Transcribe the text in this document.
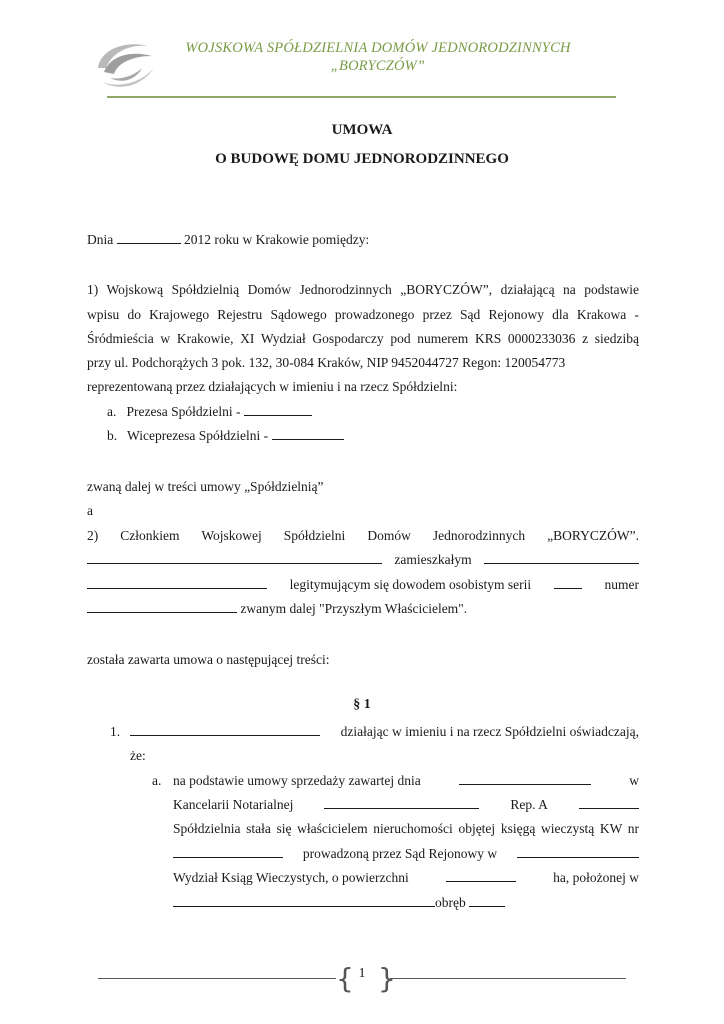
WOJSKOWA SPÓŁDZIELNIA DOMÓW JEDNORODZINNYCH
„BORYCZÓW”
UMOWA
O BUDOWĘ DOMU JEDNORODZINNEGO
Dnia	2012 roku w Krakowie pomiędzy:
1) Wojskową Spółdzielnią Domów Jednorodzinnych „BORYCZÓW”, działającą na podstawie
wpisu do Krajowego Rejestru Sądowego prowadzonego przez Sąd Rejonowy dla Krakowa -
Śródmieścia w Krakowie, XI Wydział Gospodarczy pod numerem KRS 0000233036 z siedzibą
przy ul. Podchorążych 3 pok. 132, 30-084 Kraków, NIP 9452044727 Regon: 120054773
reprezentowaną przez działających w imieniu i na rzecz Spółdzielni:
a. Prezesa Spółdzielni -
b. Wiceprezesa Spółdzielni -
zwaną dalej w treści umowy „Spółdzielnią”
a
2) Członkiem Wojskowej Spółdzielni Domów Jednorodzinnych „BORYCZÓW”.
zamieszkałym
legitymującym się dowodem osobistym serii	numer
zwanym dalej "Przyszłym Właścicielem".
została zawarta umowa o następującej treści:
§ 1
1.	działając w imieniu i na rzecz Spółdzielni oświadczają,
że:
a. na podstawie umowy sprzedaży zawartej dnia	w
Kancelarii Notarialnej	Rep. A
Spółdzielnia stała się właścicielem nieruchomości objętej księgą wieczystą KW nr
prowadzoną przez Sąd Rejonowy w
Wydział Ksiąg Wieczystych, o powierzchni	ha, położonej w
obręb
{ }
1
